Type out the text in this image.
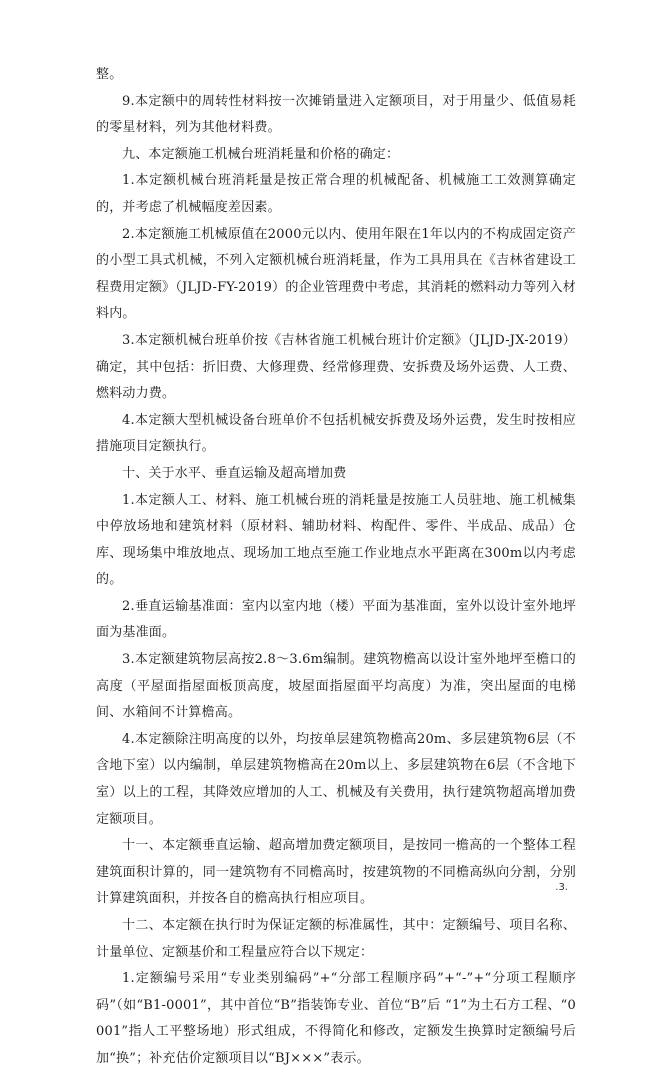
整。

9.本定额中的周转性材料按一次摊销量进入定额项目，对于用量少、低值易耗的零星材料，列为其他材料费。

九、本定额施工机械台班消耗量和价格的确定：

1.本定额机械台班消耗量是按正常合理的机械配备、机械施工工效测算确定的，并考虑了机械幅度差因素。

2.本定额施工机械原值在2000元以内、使用年限在1年以内的不构成固定资产的小型工具式机械，不列入定额机械台班消耗量，作为工具用具在《吉林省建设工程费用定额》（JLJD-FY-2019）的企业管理费中考虑，其消耗的燃料动力等列入材料内。

3.本定额机械台班单价按《吉林省施工机械台班计价定额》（JLJD-JX-2019）确定，其中包括：折旧费、大修理费、经常修理费、安拆费及场外运费、人工费、燃料动力费。

4.本定额大型机械设备台班单价不包括机械安拆费及场外运费，发生时按相应措施项目定额执行。

十、关于水平、垂直运输及超高增加费

1.本定额人工、材料、施工机械台班的消耗量是按施工人员驻地、施工机械集中停放场地和建筑材料（原材料、辅助材料、构配件、零件、半成品、成品）仓库、现场集中堆放地点、现场加工地点至施工作业地点水平距离在300m以内考虑的。

2.垂直运输基准面：室内以室内地（楼）平面为基准面，室外以设计室外地坪面为基准面。

3.本定额建筑物层高按2.8～3.6m编制。建筑物檐高以设计室外地坪至檐口的高度（平屋面指屋面板顶高度，坡屋面指屋面平均高度）为准，突出屋面的电梯间、水箱间不计算檐高。

4.本定额除注明高度的以外，均按单层建筑物檐高20m、多层建筑物6层（不含地下室）以内编制，单层建筑物檐高在20m以上、多层建筑物在6层（不含地下室）以上的工程，其降效应增加的人工、机械及有关费用，执行建筑物超高增加费定额项目。

十一、本定额垂直运输、超高增加费定额项目，是按同一檐高的一个整体工程建筑面积计算的，同一建筑物有不同檐高时，按建筑物的不同檐高纵向分割，分别计算建筑面积，并按各自的檐高执行相应项目。

十二、本定额在执行时为保证定额的标准属性，其中：定额编号、项目名称、计量单位、定额基价和工程量应符合以下规定：

1.定额编号采用“专业类别编码”+“分部工程顺序码”+“-”+“分项工程顺序码”（如“B1-0001”，其中首位“B”指装饰专业、首位“B”后 “1”为土石方工程、“0001”指人工平整场地）形式组成，不得简化和修改，定额发生换算时定额编号后加“换”；补充估价定额项目以“BJ×××”表示。

.3.
